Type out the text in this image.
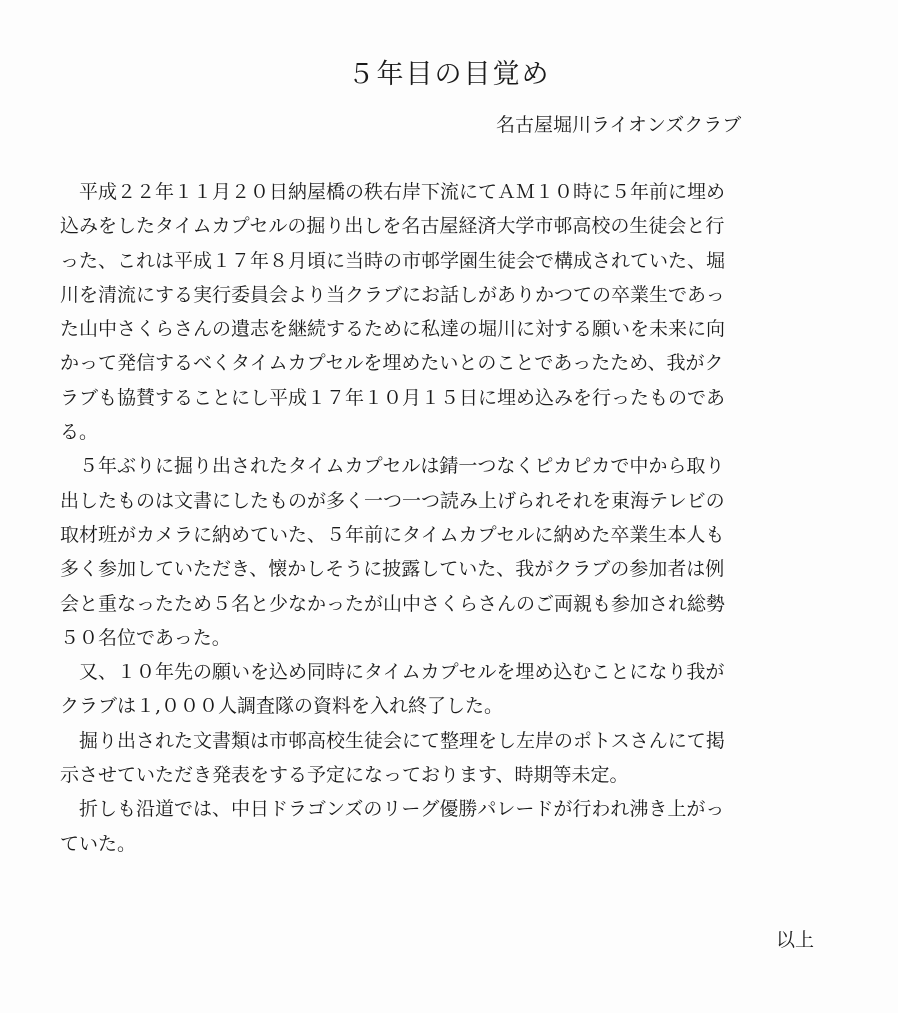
５年目の目覚め

名古屋堀川ライオンズクラブ

　平成２２年１１月２０日納屋橋の秩右岸下流にてＡＭ１０時に５年前に埋め
込みをしたタイムカプセルの掘り出しを名古屋経済大学市邨高校の生徒会と行
った、これは平成１７年８月頃に当時の市邨学園生徒会で構成されていた、堀
川を清流にする実行委員会より当クラブにお話しがありかつての卒業生であっ
た山中さくらさんの遺志を継続するために私達の堀川に対する願いを未来に向
かって発信するべくタイムカプセルを埋めたいとのことであったため、我がク
ラブも協賛することにし平成１７年１０月１５日に埋め込みを行ったものであ
る。
　５年ぶりに掘り出されたタイムカプセルは錆一つなくピカピカで中から取り
出したものは文書にしたものが多く一つ一つ読み上げられそれを東海テレビの
取材班がカメラに納めていた、５年前にタイムカプセルに納めた卒業生本人も
多く参加していただき、懐かしそうに披露していた、我がクラブの参加者は例
会と重なったため５名と少なかったが山中さくらさんのご両親も参加され総勢
５０名位であった。
　又、１０年先の願いを込め同時にタイムカプセルを埋め込むことになり我が
クラブは１,０００人調査隊の資料を入れ終了した。
　掘り出された文書類は市邨高校生徒会にて整理をし左岸のポトスさんにて掲
示させていただき発表をする予定になっております、時期等未定。
　折しも沿道では、中日ドラゴンズのリーグ優勝パレードが行われ沸き上がっ
ていた。

以上
